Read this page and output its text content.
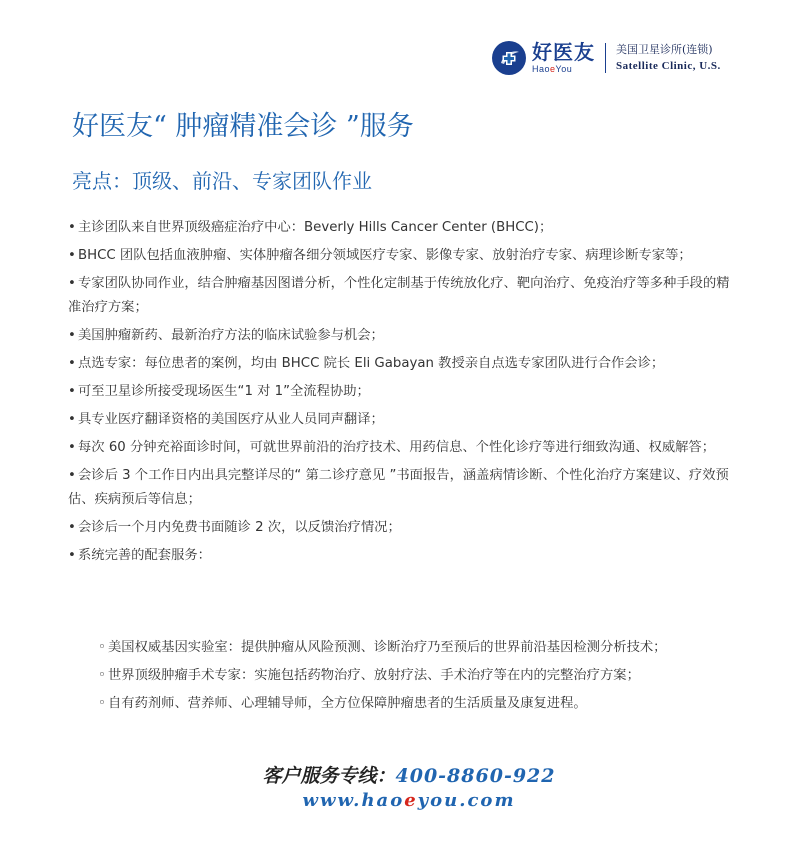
好医友
HaoeYou
美国卫星诊所(连锁)
Satellite Clinic, U.S.
好医友“ 肿瘤精准会诊 ”服务
亮点：顶级、前沿、专家团队作业
• 主诊团队来自世界顶级癌症治疗中心：Beverly Hills Cancer Center (BHCC)；
• BHCC 团队包括血液肿瘤、实体肿瘤各细分领域医疗专家、影像专家、放射治疗专家、病理诊断专家等；
• 专家团队协同作业，结合肿瘤基因图谱分析，个性化定制基于传统放化疗、靶向治疗、免疫治疗等多种手段的精准治疗方案；
• 美国肿瘤新药、最新治疗方法的临床试验参与机会；
• 点选专家：每位患者的案例，均由 BHCC 院长 Eli Gabayan 教授亲自点选专家团队进行合作会诊；
• 可至卫星诊所接受现场医生“1 对 1”全流程协助；
• 具专业医疗翻译资格的美国医疗从业人员同声翻译；
• 每次 60 分钟充裕面诊时间，可就世界前沿的治疗技术、用药信息、个性化诊疗等进行细致沟通、权威解答；
• 会诊后 3 个工作日内出具完整详尽的“ 第二诊疗意见 ”书面报告，涵盖病情诊断、个性化治疗方案建议、疗效预估、疾病预后等信息；
• 会诊后一个月内免费书面随诊 2 次，以反馈治疗情况；
• 系统完善的配套服务：
◦ 美国权威基因实验室：提供肿瘤从风险预测、诊断治疗乃至预后的世界前沿基因检测分析技术；
◦ 世界顶级肿瘤手术专家：实施包括药物治疗、放射疗法、手术治疗等在内的完整治疗方案；
◦ 自有药剂师、营养师、心理辅导师，全方位保障肿瘤患者的生活质量及康复进程。
客户服务专线：400-8860-922
www.haoeyou.com
